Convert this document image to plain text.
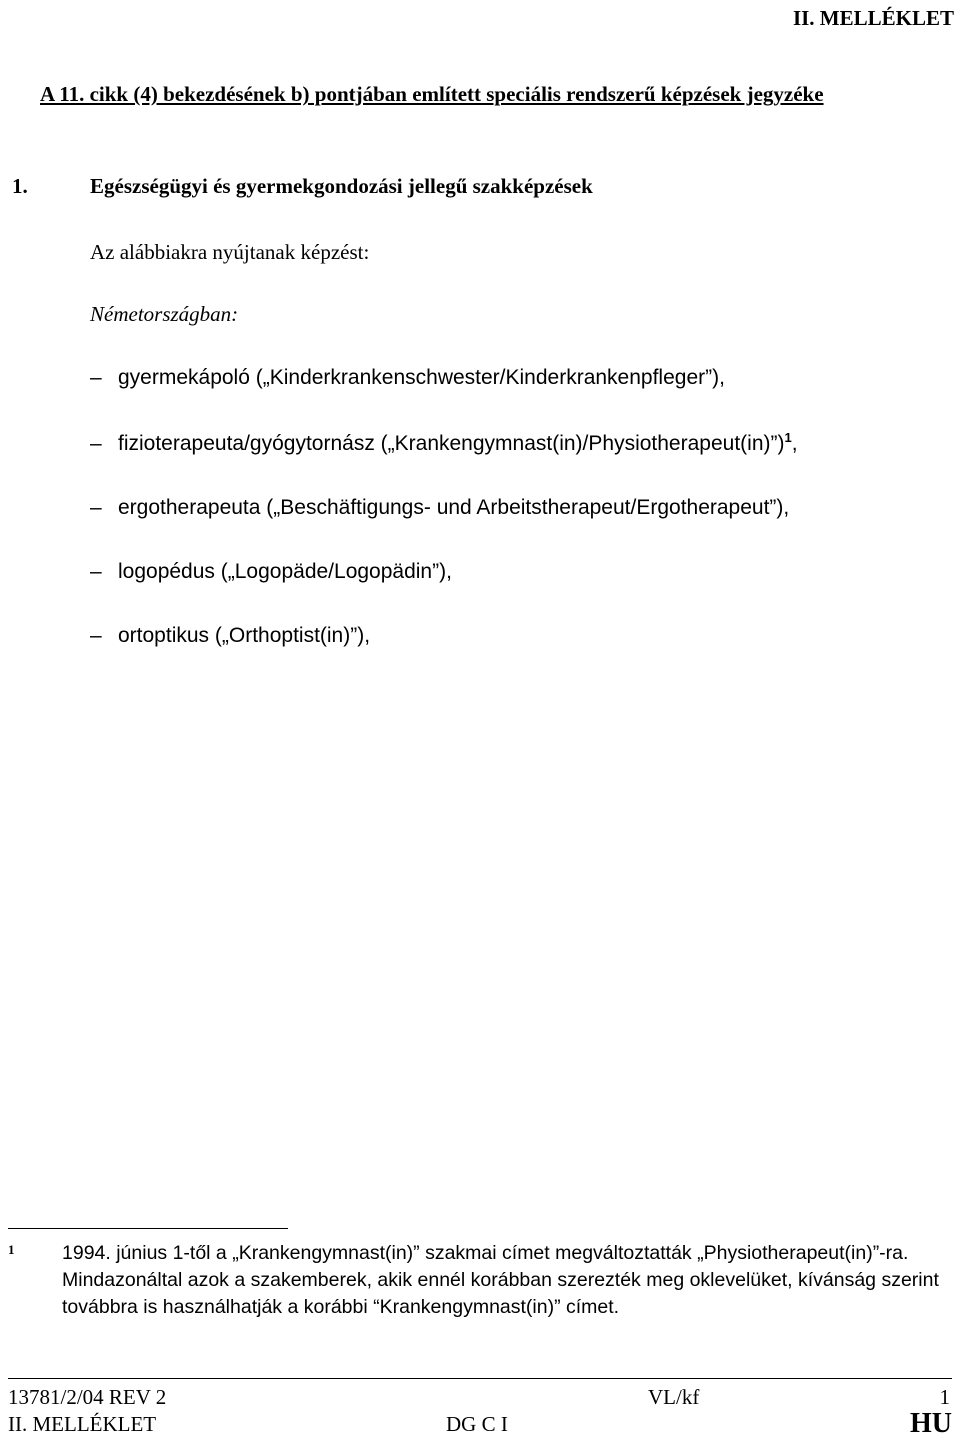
II. MELLÉKLET
A 11. cikk (4) bekezdésének b) pontjában említett speciális rendszerű képzések jegyzéke
1.	Egészségügyi és gyermekgondozási jellegű szakképzések
Az alábbiakra nyújtanak képzést:
Németországban:
– gyermekápoló („Kinderkrankenschwester/Kinderkrankenpfleger”),
– fizioterapeuta/gyógytornász („Krankengymnast(in)/Physiotherapeut(in)”)$^1$,
– ergotherapeuta („Beschäftigungs- und Arbeitstherapeut/Ergotherapeut”),
– logopédus („Logopäde/Logopädin”),
– ortoptikus („Orthoptist(in)”),
1 1994. június 1-től a „Krankengymnast(in)” szakmai címet megváltoztatták „Physiotherapeut(in)”-ra. Mindazonáltal azok a szakemberek, akik ennél korábban szerezték meg oklevelüket, kívánság szerint továbbra is használhatják a korábbi “Krankengymnast(in)” címet.
13781/2/04 REV 2	VL/kf	1
II. MELLÉKLET	DG C I	HU
